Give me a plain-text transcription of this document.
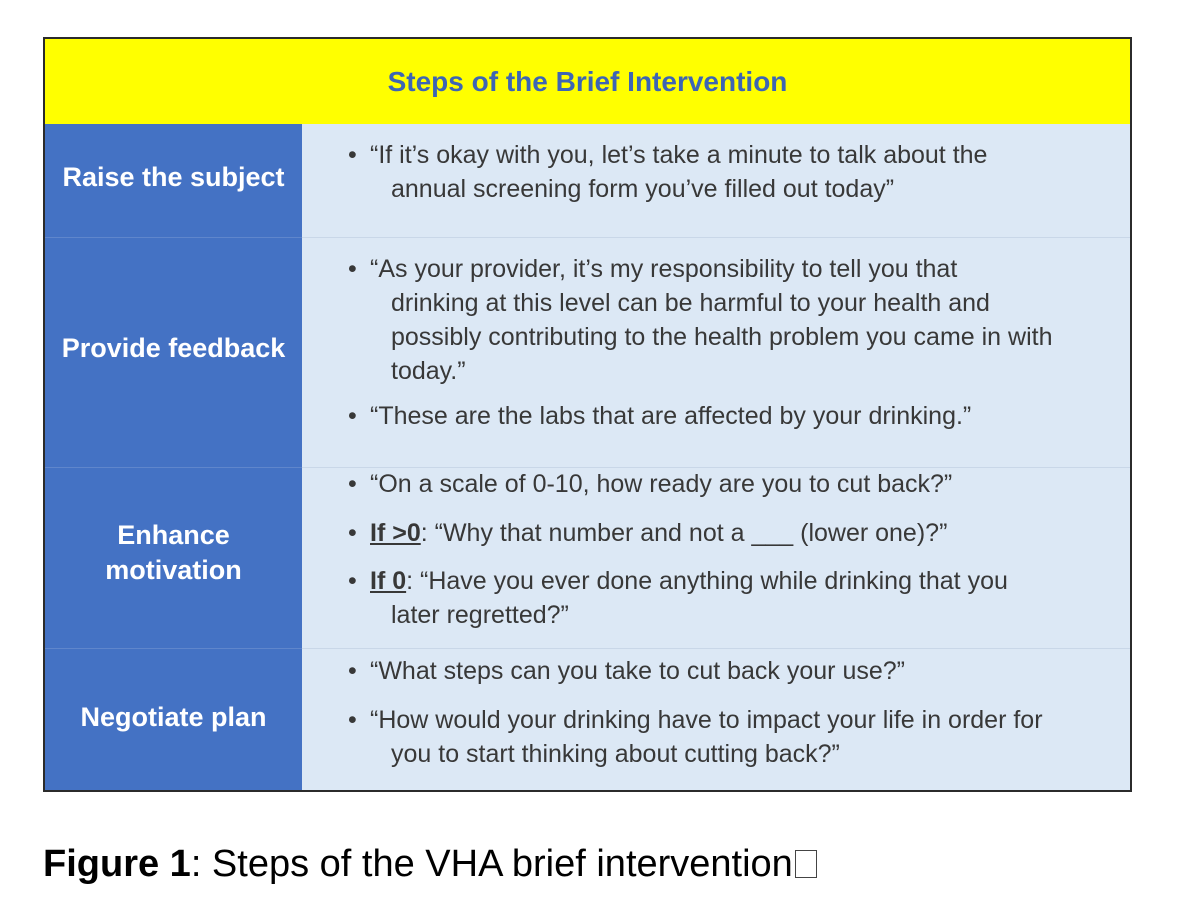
Steps of the Brief Intervention
Raise the subject
Provide feedback
Enhance
motivation
Negotiate plan
• “If it’s okay with you, let’s take a minute to talk about the
annual screening form you’ve filled out today”
• “As your provider, it’s my responsibility to tell you that
drinking at this level can be harmful to your health and
possibly contributing to the health problem you came in with
today.”
• “These are the labs that are affected by your drinking.”
• “On a scale of 0-10, how ready are you to cut back?”
• If >0: “Why that number and not a ___ (lower one)?”
• If 0: “Have you ever done anything while drinking that you
later regretted?”
• “What steps can you take to cut back your use?”
• “How would your drinking have to impact your life in order for
you to start thinking about cutting back?”
Figure 1: Steps of the VHA brief intervention
